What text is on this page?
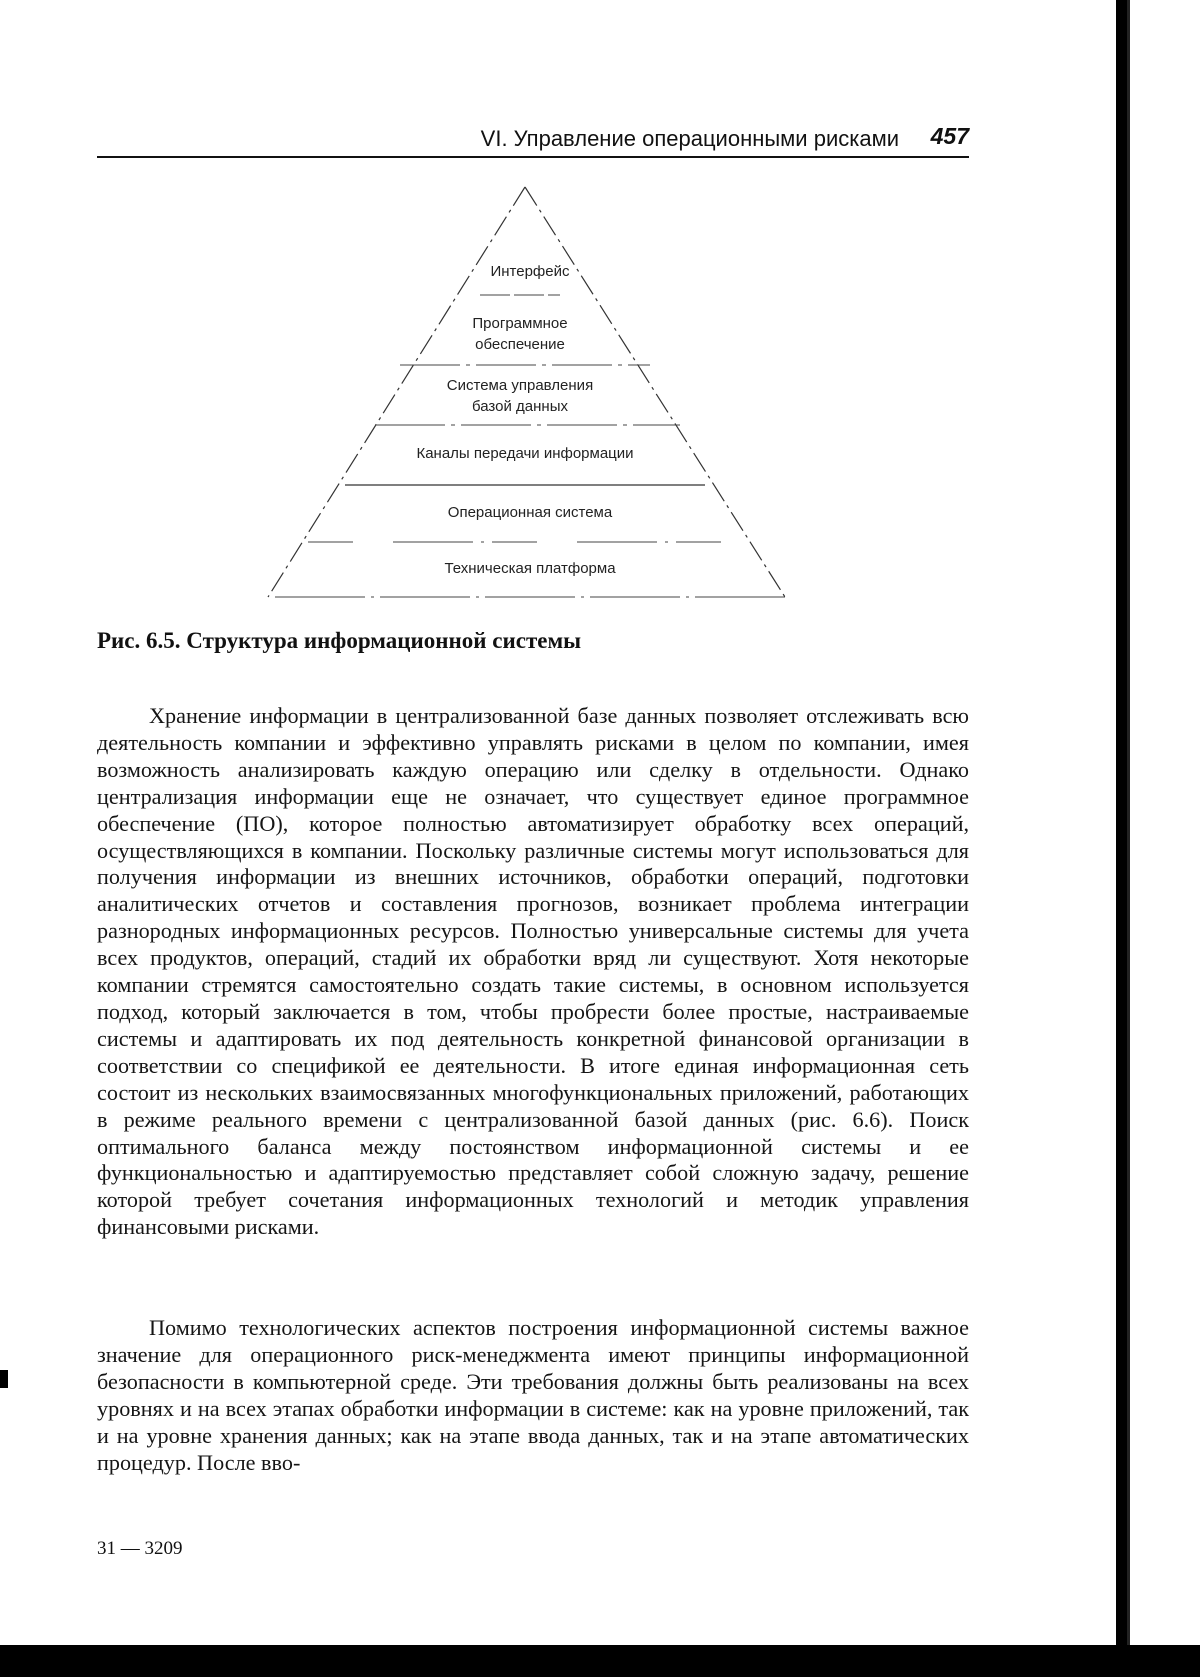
VI. Управление операционными рисками 457
Интерфейс
Программное обеспечение
Система управления базой данных
Каналы передачи информации
Операционная система
Техническая платформа
Рис. 6.5. Структура информационной системы
Хранение информации в централизованной базе данных позволяет отслеживать всю деятельность компании и эффективно управлять рисками в целом по компании, имея возможность анализировать каждую операцию или сделку в отдельности. Однако централизация информации еще не означает, что существует единое программное обеспечение (ПО), которое полностью автоматизирует обработку всех операций, осуществляющихся в компании. Поскольку различные системы могут использоваться для получения информации из внешних источников, обработки операций, подготовки аналитических отчетов и составления прогнозов, возникает проблема интеграции разнородных информационных ресурсов. Полностью универсальные системы для учета всех продуктов, операций, стадий их обработки вряд ли существуют. Хотя некоторые компании стремятся самостоятельно создать такие системы, в основном используется подход, который заключается в том, чтобы пробрести более простые, настраиваемые системы и адаптировать их под деятельность конкретной финансовой организации в соответствии со спецификой ее деятельности. В итоге единая информационная сеть состоит из нескольких взаимосвязанных многофункциональных приложений, работающих в режиме реального времени с централизованной базой данных (рис. 6.6). Поиск оптимального баланса между постоянством информационной системы и ее функциональностью и адаптируемостью представляет собой сложную задачу, решение которой требует сочетания информационных технологий и методик управления финансовыми рисками.
Помимо технологических аспектов построения информационной системы важное значение для операционного риск-менеджмента имеют принципы информационной безопасности в компьютерной среде. Эти требования должны быть реализованы на всех уровнях и на всех этапах обработки информации в системе: как на уровне приложений, так и на уровне хранения данных; как на этапе ввода данных, так и на этапе автоматических процедур. После вво-
31 — 3209
